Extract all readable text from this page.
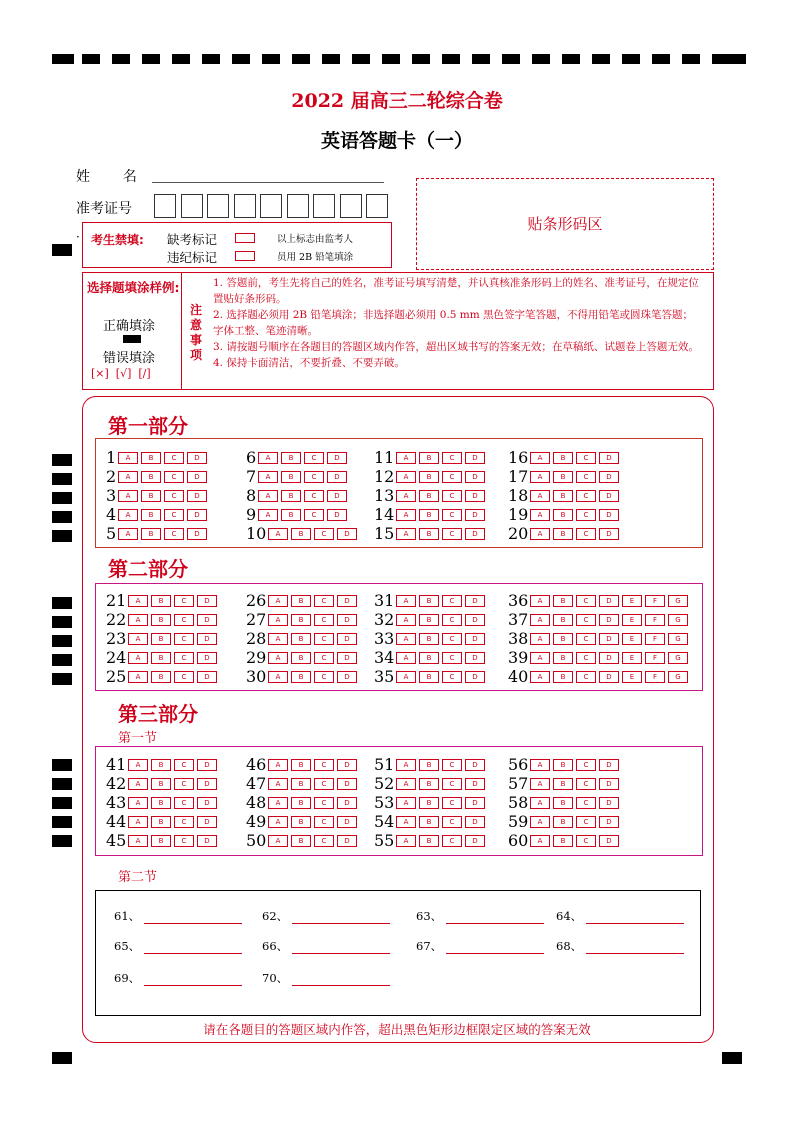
2022 届高三二轮综合卷
英语答题卡（一）
姓  名
准考证号
贴条形码区
· 考生禁填: 缺考标记
违纪标记
以上标志由监考人
员用 2B 铅笔填涂
选择题填涂样例:
正确填涂
错误填涂
[×]  [√]  [/]
注意事项
1. 答题前，考生先将自己的姓名，准考证号填写清楚，并认真核准条形码上的姓名、准考证号，在规定位置贴好条形码。
2. 选择题必须用 2B 铅笔填涂；非选择题必须用 0.5 mm 黑色签字笔答题，不得用铅笔或圆珠笔答题；字体工整、笔迹清晰。
3. 请按题号顺序在各题目的答题区域内作答，超出区域书写的答案无效；在草稿纸、试题卷上答题无效。
4. 保持卡面清洁，不要折叠、不要弄破。
第一部分
第二部分
第三部分
第一节
第二节
1 A	B	C	D
2 A	B	C	D
3 A	B	C	D
4 A	B	C	D
5 A	B	C	D
6 A	B	C	D
7 A	B	C	D
8 A	B	C	D
9 A	B	C	D
10 A	B	C	D
11 A	B	C	D
12 A	B	C	D
13 A	B	C	D
14 A	B	C	D
15 A	B	C	D
16 A	B	C	D
17 A	B	C	D
18 A	B	C	D
19 A	B	C	D
20 A	B	C	D
21 A	B	C	D
22 A	B	C	D
23 A	B	C	D
24 A	B	C	D
25 A	B	C	D
26 A	B	C	D
27 A	B	C	D
28 A	B	C	D
29 A	B	C	D
30 A	B	C	D
31 A	B	C	D
32 A	B	C	D
33 A	B	C	D
34 A	B	C	D
35 A	B	C	D
36 A	B	C	D	E	F	G
37 A	B	C	D	E	F	G
38 A	B	C	D	E	F	G
39 A	B	C	D	E	F	G
40 A	B	C	D	E	F	G
41 A	B	C	D
42 A	B	C	D
43 A	B	C	D
44 A	B	C	D
45 A	B	C	D
46 A	B	C	D
47 A	B	C	D
48 A	B	C	D
49 A	B	C	D
50 A	B	C	D
51 A	B	C	D
52 A	B	C	D
53 A	B	C	D
54 A	B	C	D
55 A	B	C	D
56 A	B	C	D
57 A	B	C	D
58 A	B	C	D
59 A	B	C	D
60 A	B	C	D
61、	62、	63、	64、
65、	66、	67、	68、
69、	70、
请在各题目的答题区域内作答，超出黑色矩形边框限定区域的答案无效
